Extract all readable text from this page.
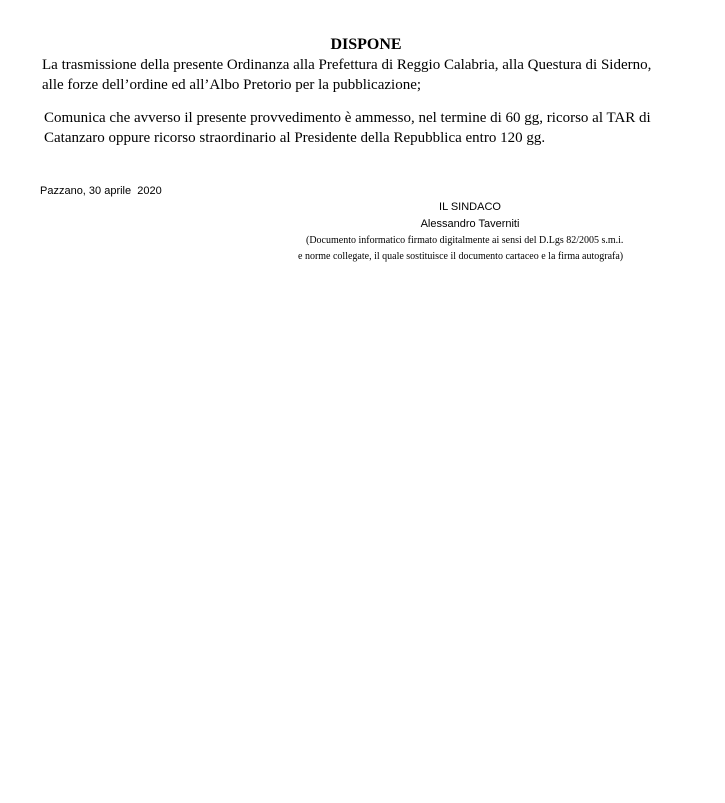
DISPONE

La trasmissione della presente Ordinanza alla Prefettura di Reggio Calabria, alla Questura di Siderno,
alle forze dell’ordine ed all’Albo Pretorio per la pubblicazione;

Comunica che avverso il presente provvedimento è ammesso, nel termine di 60 gg, ricorso al TAR di
Catanzaro oppure ricorso straordinario al Presidente della Repubblica entro 120 gg.

Pazzano, 30 aprile  2020

IL SINDACO
Alessandro Taverniti
(Documento informatico firmato digitalmente ai sensi del D.Lgs 82/2005 s.m.i.
e norme collegate, il quale sostituisce il documento cartaceo e la firma autografa)
